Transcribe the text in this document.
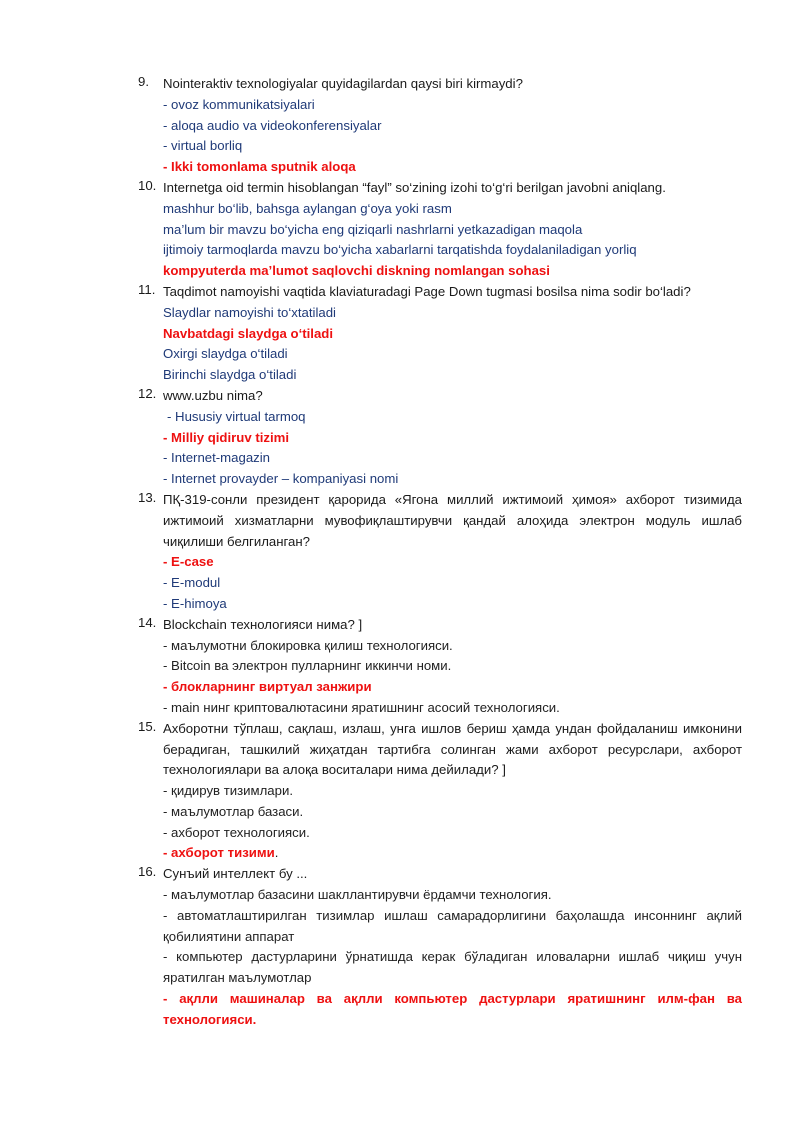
9.	Nointeraktiv texnologiyalar quyidagilardan qaysi biri kirmaydi?
- ovoz kommunikatsiyalari
- aloqa audio va videokonferensiyalar
- virtual borliq
- Ikki tomonlama sputnik aloqa
10. Internetga oid termin hisoblangan “fayl” so‘zining izohi to‘g‘ri berilgan javobni aniqlang.
mashhur bo‘lib, bahsga aylangan g‘oya yoki rasm
ma’lum bir mavzu bo‘yicha eng qiziqarli nashrlarni yetkazadigan maqola
ijtimoiy tarmoqlarda mavzu bo‘yicha xabarlarni tarqatishda foydalaniladigan yorliq
kompyuterda ma’lumot saqlovchi diskning nomlangan sohasi
11. Taqdimot namoyishi vaqtida klaviaturadagi Page Down tugmasi bosilsa nima sodir bo‘ladi?
Slaydlar namoyishi to‘xtatiladi
Navbatdagi slaydga o‘tiladi
Oxirgi slaydga o‘tiladi
Birinchi slaydga o‘tiladi
12. www.uzbu nima?
- Hususiy virtual tarmoq
- Milliy qidiruv tizimi
- Internet-magazin
- Internet provayder – kompaniyasi nomi
13. ПҚ-319-сонли президент қарорида «Ягона миллий ижтимоий ҳимоя» ахборот тизимида ижтимоий хизматларни мувофиқлаштирувчи қандай алоҳида электрон модуль ишлаб чиқилиши белгиланган?
- E-case
- E-modul
- E-himoya
14. Blockchain технологияси нима? ]
- маълумотни блокировка қилиш технологияси.
- Bitcoin ва электрон пулларнинг иккинчи номи.
- блокларнинг виртуал занжири
- main нинг криптовалютасини яратишнинг асосий технологияси.
15. Ахборотни тўплаш, сақлаш, излаш, унга ишлов бериш ҳамда ундан фойдаланиш имконини берадиган, ташкилий жиҳатдан тартибга солинган жами ахборот ресурслари, ахборот технологиялари ва алоқа воситалари нима дейилади? ]
- қидирув тизимлари.
- маълумотлар базаси.
- ахборот технологияси.
- ахборот тизими.
16. Сунъий интеллект бу ...
- маълумотлар базасини шакллантирувчи ёрдамчи технология.
- автоматлаштирилган тизимлар ишлаш самарадорлигини баҳолашда инсоннинг ақлий қобилиятини аппарат
- компьютер дастурларини ўрнатишда керак бўладиган иловаларни ишлаб чиқиш учун яратилган маълумотлар
- ақлли машиналар ва ақлли компьютер дастурлари яратишнинг илм-фан ва технологияси.
